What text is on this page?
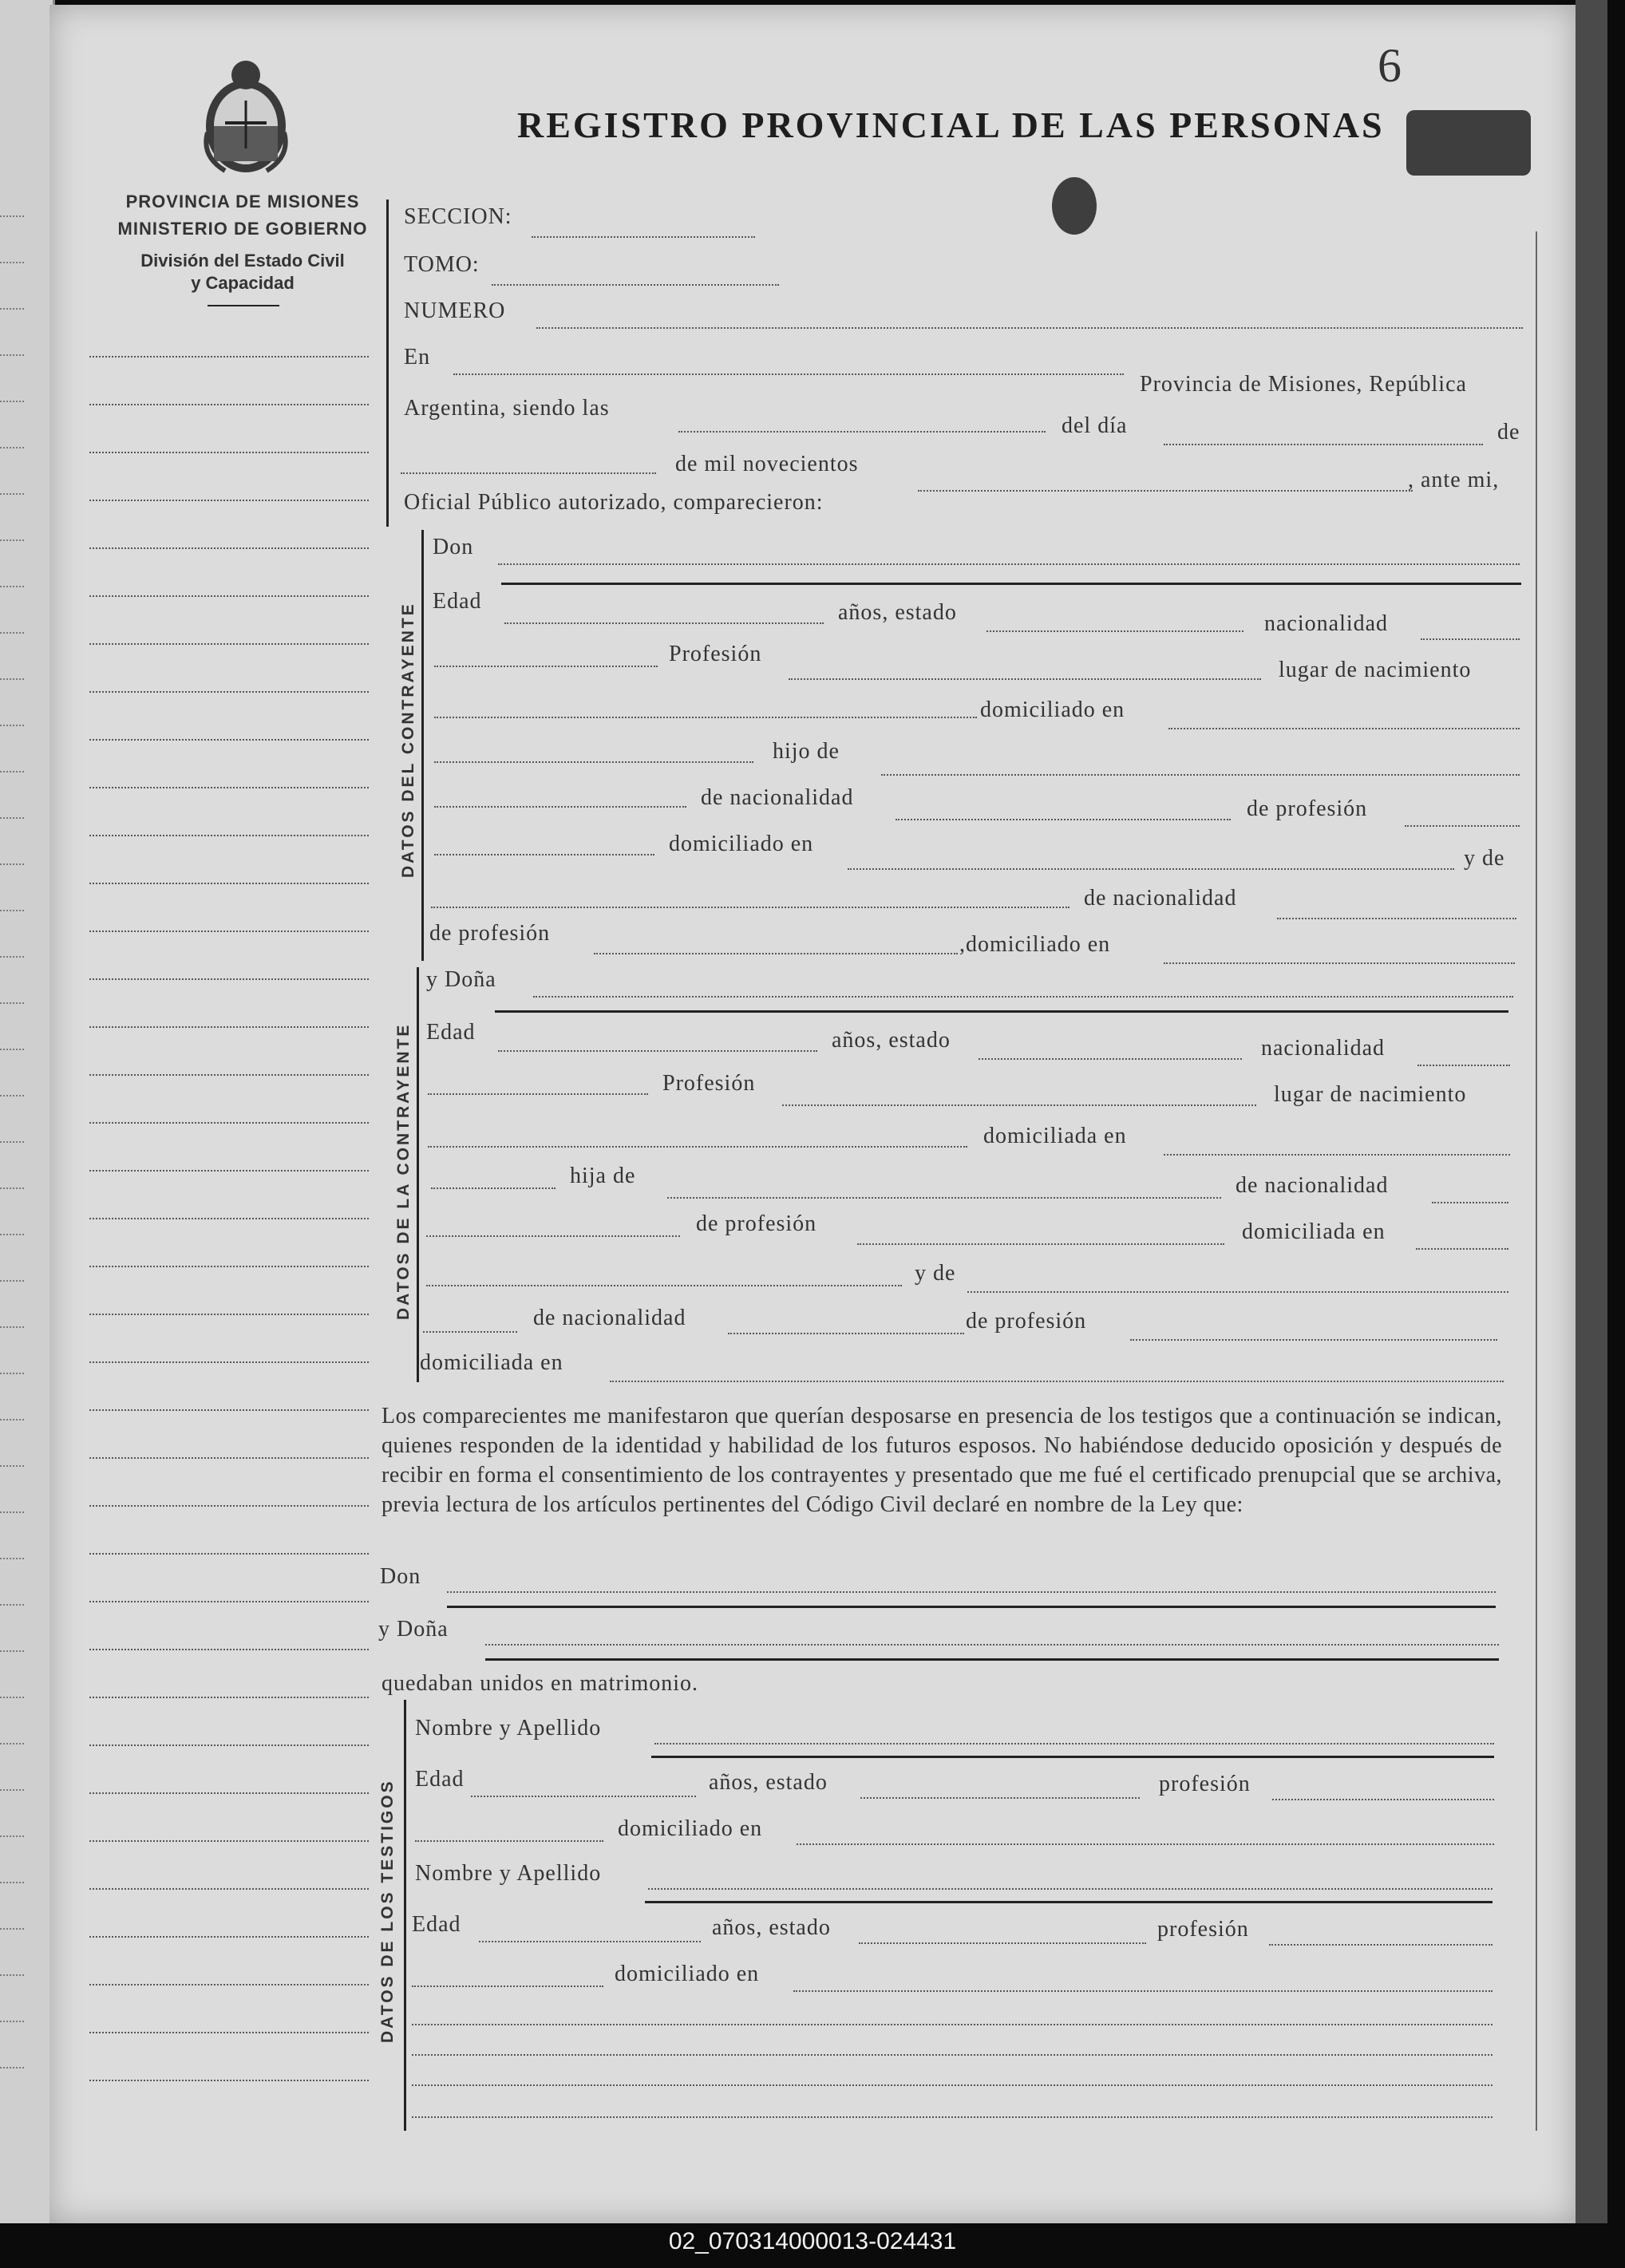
PROVINCIA DE MISIONES
MINISTERIO DE GOBIERNO
División del Estado Civil
y Capacidad
6
REGISTRO PROVINCIAL DE LAS PERSONAS
SECCION:
TOMO:
NUMERO
En
Provincia de Misiones, República
Argentina, siendo las
del día	de
de mil novecientos
, ante mi,
Oficial Público autorizado, comparecieron:
DATOS DEL CONTRAYENTE
Don
Edad	años, estado	nacionalidad
Profesión
lugar de nacimiento
domiciliado en
hijo de
de nacionalidad	de profesión
domiciliado en
y de
de nacionalidad
de profesión	,domiciliado en
DATOS DE LA CONTRAYENTE
y Doña
Edad	años, estado	nacionalidad
Profesión	lugar de nacimiento
domiciliada en
hija de	de nacionalidad
de profesión	domiciliada en
y de
de nacionalidad	de profesión
domiciliada en
Los comparecientes me manifestaron que querían desposarse en presencia de los testigos que a continuación se indican, quienes responden de la identidad y habilidad de los futuros esposos. No habiéndose deducido oposición y después de recibir en forma el consentimiento de los contrayentes y presentado que me fué el certificado prenupcial que se archiva, previa lectura de los artículos pertinentes del Código Civil declaré en nombre de la Ley que:
Don
y Doña
quedaban unidos en matrimonio.
DATOS DE LOS TESTIGOS
Nombre y Apellido
Edad	años, estado	profesión
domiciliado en
Nombre y Apellido
Edad	años, estado	profesión
domiciliado en
02_070314000013-024431
